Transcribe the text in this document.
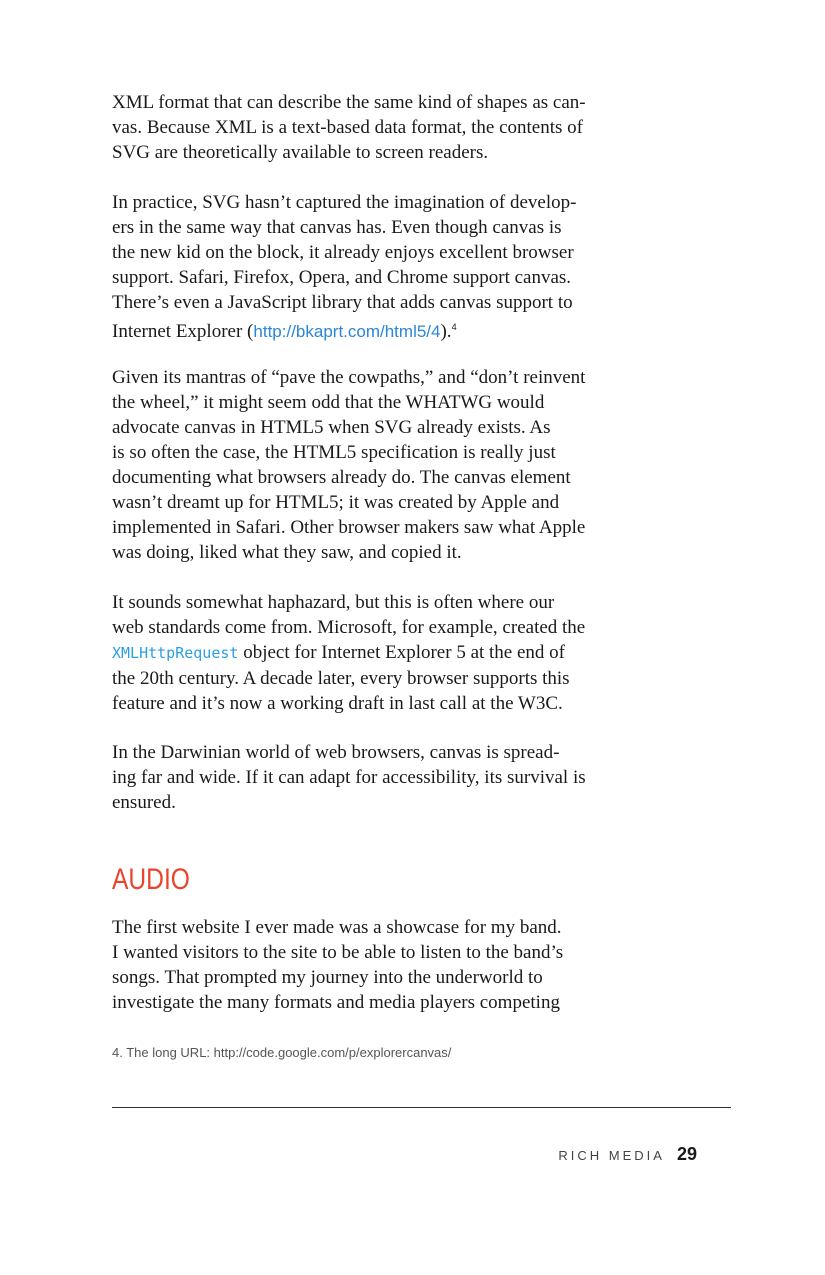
XML format that can describe the same kind of shapes as can-
vas. Because XML is a text-based data format, the contents of
SVG are theoretically available to screen readers.
In practice, SVG hasn’t captured the imagination of develop-
ers in the same way that canvas has. Even though canvas is
the new kid on the block, it already enjoys excellent browser
support. Safari, Firefox, Opera, and Chrome support canvas.
There’s even a JavaScript library that adds canvas support to
Internet Explorer (http://bkaprt.com/html5/4).$^4$
Given its mantras of “pave the cowpaths,” and “don’t reinvent
the wheel,” it might seem odd that the WHATWG would
advocate canvas in HTML5 when SVG already exists. As
is so often the case, the HTML5 specification is really just
documenting what browsers already do. The canvas element
wasn’t dreamt up for HTML5; it was created by Apple and
implemented in Safari. Other browser makers saw what Apple
was doing, liked what they saw, and copied it.
It sounds somewhat haphazard, but this is often where our
web standards come from. Microsoft, for example, created the
XMLHttpRequest object for Internet Explorer 5 at the end of
the 20th century. A decade later, every browser supports this
feature and it’s now a working draft in last call at the W3C.
In the Darwinian world of web browsers, canvas is spread-
ing far and wide. If it can adapt for accessibility, its survival is
ensured.
AUDIO
The first website I ever made was a showcase for my band.
I wanted visitors to the site to be able to listen to the band’s
songs. That prompted my journey into the underworld to
investigate the many formats and media players competing
4. The long URL: http://code.google.com/p/explorercanvas/
RICH MEDIA 29
